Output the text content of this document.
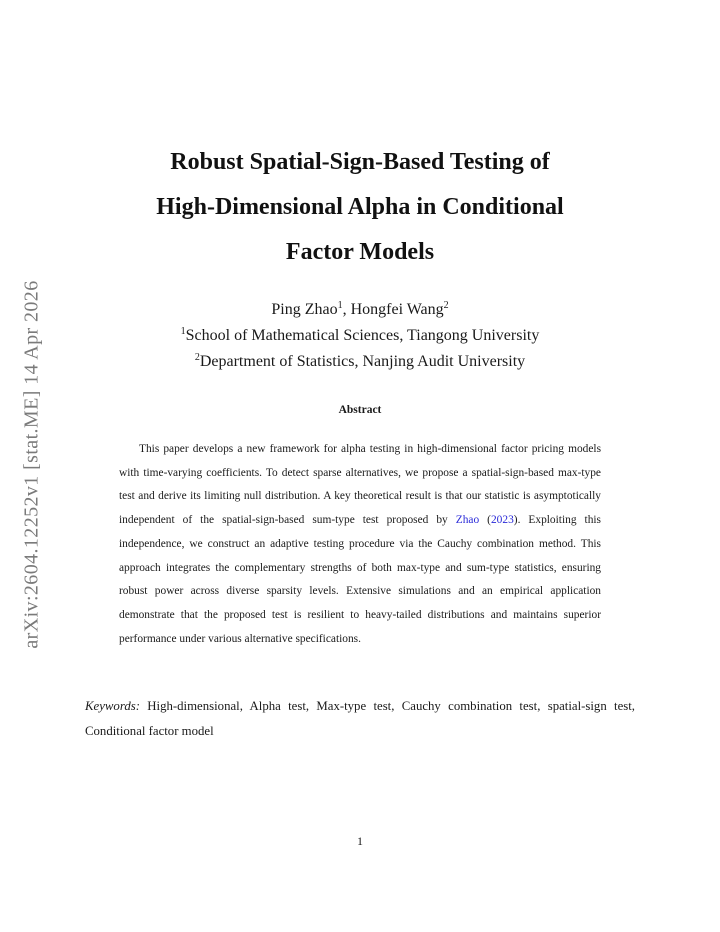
arXiv:2604.12252v1 [stat.ME] 14 Apr 2026
Robust Spatial-Sign-Based Testing of
High-Dimensional Alpha in Conditional
Factor Models
Ping Zhao$^1$, Hongfei Wang$^2$
$^1$School of Mathematical Sciences, Tiangong University
$^2$Department of Statistics, Nanjing Audit University
Abstract

This paper develops a new framework for alpha testing in high-dimensional factor pricing models with time-varying coefficients. To detect sparse alternatives, we propose a spatial-sign-based max-type test and derive its limiting null distribution. A key theoretical result is that our statistic is asymptotically independent of the spatial-sign-based sum-type test proposed by Zhao (2023). Exploiting this independence, we construct an adaptive testing procedure via the Cauchy combination method. This approach integrates the complementary strengths of both max-type and sum-type statistics, ensuring robust power across diverse sparsity levels. Extensive simulations and an empirical application demonstrate that the proposed test is resilient to heavy-tailed distributions and maintains superior performance under various alternative specifications.

Keywords: High-dimensional, Alpha test, Max-type test, Cauchy combination test, spatial-sign test, Conditional factor model

1
